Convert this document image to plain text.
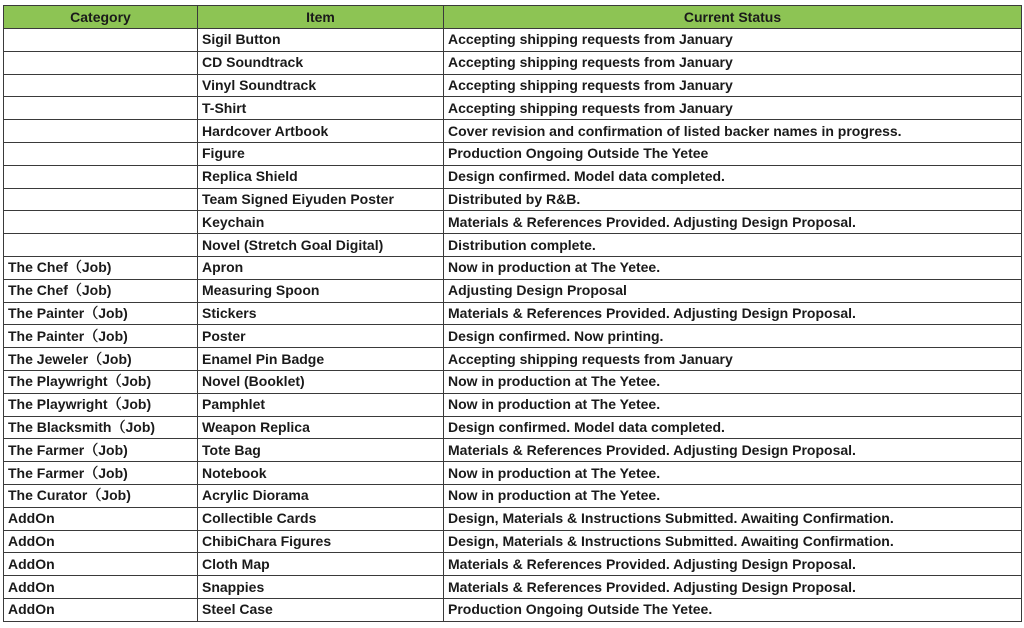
Category	Item	Current Status
	Sigil Button	Accepting shipping requests from January
	CD Soundtrack	Accepting shipping requests from January
	Vinyl Soundtrack	Accepting shipping requests from January
	T-Shirt	Accepting shipping requests from January
	Hardcover Artbook	Cover revision and confirmation of listed backer names in progress.
	Figure	Production Ongoing Outside The Yetee
	Replica Shield	Design confirmed. Model data completed.
	Team Signed Eiyuden Poster	Distributed by R&B.
	Keychain	Materials & References Provided. Adjusting Design Proposal.
	Novel (Stretch Goal Digital)	Distribution complete.
The Chef（Job)	Apron	Now in production at The Yetee.
The Chef（Job)	Measuring Spoon	Adjusting Design Proposal
The Painter（Job)	Stickers	Materials & References Provided. Adjusting Design Proposal.
The Painter（Job)	Poster	Design confirmed. Now printing.
The Jeweler（Job)	Enamel Pin Badge	Accepting shipping requests from January
The Playwright（Job)	Novel (Booklet)	Now in production at The Yetee.
The Playwright（Job)	Pamphlet	Now in production at The Yetee.
The Blacksmith（Job)	Weapon Replica	Design confirmed. Model data completed.
The Farmer（Job)	Tote Bag	Materials & References Provided. Adjusting Design Proposal.
The Farmer（Job)	Notebook	Now in production at The Yetee.
The Curator（Job)	Acrylic Diorama	Now in production at The Yetee.
AddOn	Collectible Cards	Design, Materials & Instructions Submitted. Awaiting Confirmation.
AddOn	ChibiChara Figures	Design, Materials & Instructions Submitted. Awaiting Confirmation.
AddOn	Cloth Map	Materials & References Provided. Adjusting Design Proposal.
AddOn	Snappies	Materials & References Provided. Adjusting Design Proposal.
AddOn	Steel Case	Production Ongoing Outside The Yetee.
